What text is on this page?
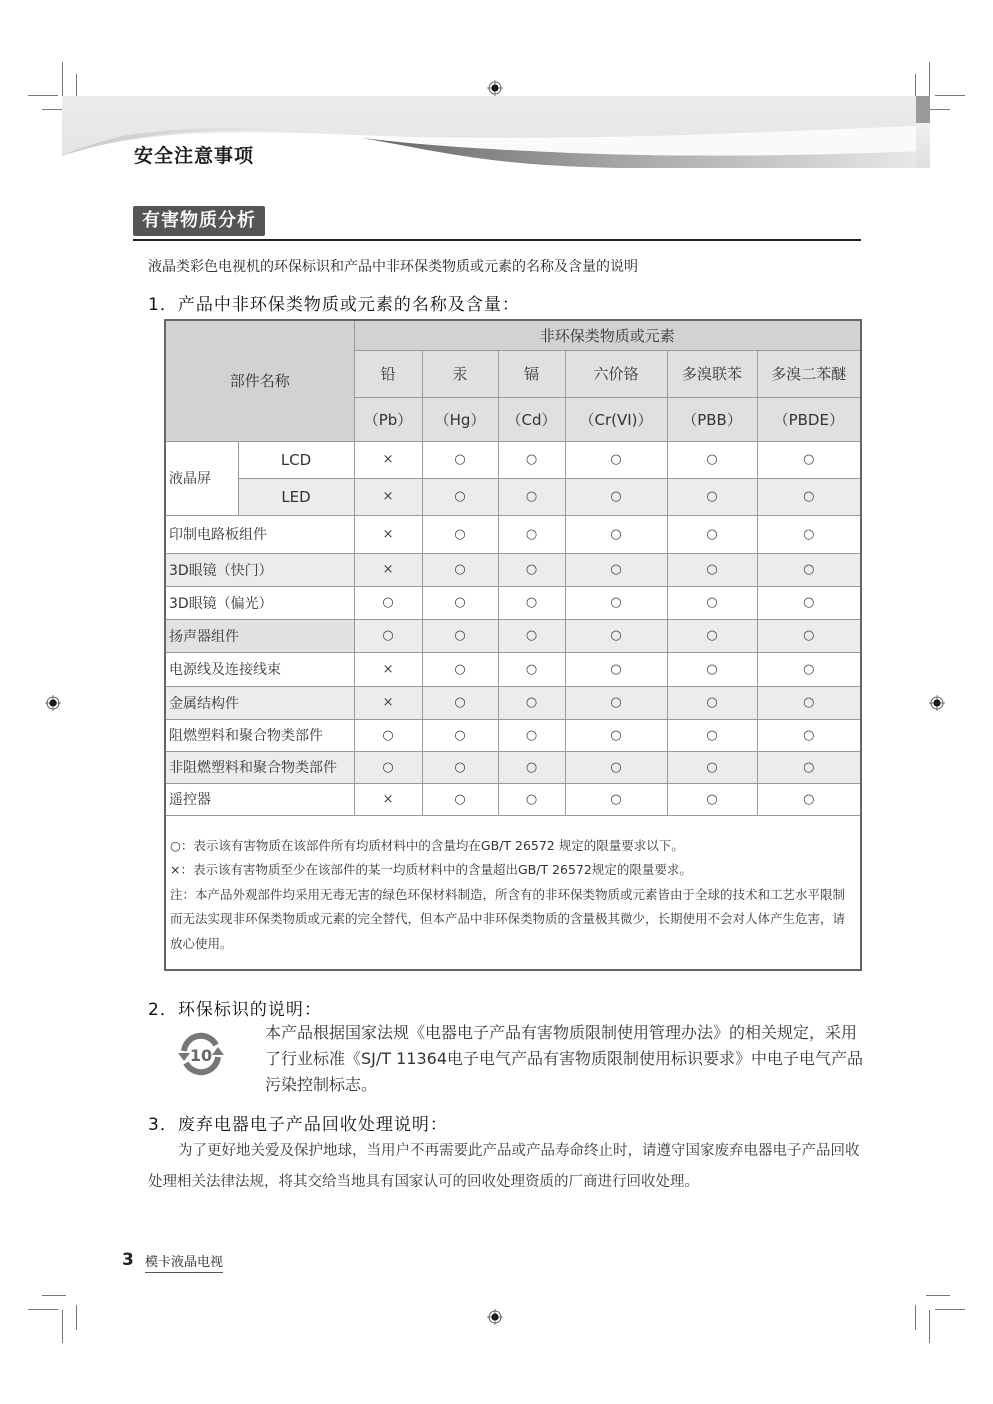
安全注意事项
有害物质分析
液晶类彩色电视机的环保标识和产品中非环保类物质或元素的名称及含量的说明
1．产品中非环保类物质或元素的名称及含量：
部件名称		非环保类物质或元素					
		铅	汞	镉	六价铬	多溴联苯	多溴二苯醚
		（Pb）	（Hg）	（Cd）	（Cr(VI)）	（PBB）	（PBDE）
液晶屏	LCD	×	○	○	○	○	○
	LED	×	○	○	○	○	○
印制电路板组件		×	○	○	○	○	○
3D眼镜（快门）		×	○	○	○	○	○
3D眼镜（偏光）		○	○	○	○	○	○
扬声器组件		○	○	○	○	○	○
电源线及连接线束		×	○	○	○	○	○
金属结构件		×	○	○	○	○	○
阻燃塑料和聚合物类部件		○	○	○	○	○	○
非阻燃塑料和聚合物类部件		○	○	○	○	○	○
遥控器		×	○	○	○	○	○

○：表示该有害物质在该部件所有均质材料中的含量均在GB/T 26572 规定的限量要求以下。
×：表示该有害物质至少在该部件的某一均质材料中的含量超出GB/T 26572规定的限量要求。
注：本产品外观部件均采用无毒无害的绿色环保材料制造，所含有的非环保类物质或元素皆由于全球的技术和工艺水平限制而无法实现非环保类物质或元素的完全替代，但本产品中非环保类物质的含量极其微少，长期使用不会对人体产生危害，请放心使用。							
2．环保标识的说明：
10
本产品根据国家法规《电器电子产品有害物质限制使用管理办法》的相关规定，采用了行业标准《SJ/T 11364电子电气产品有害物质限制使用标识要求》中电子电气产品污染控制标志。
3．废弃电器电子产品回收处理说明：
为了更好地关爱及保护地球，当用户不再需要此产品或产品寿命终止时，请遵守国家废弃电器电子产品回收处理相关法律法规，将其交给当地具有国家认可的回收处理资质的厂商进行回收处理。
3 模卡液晶电视
